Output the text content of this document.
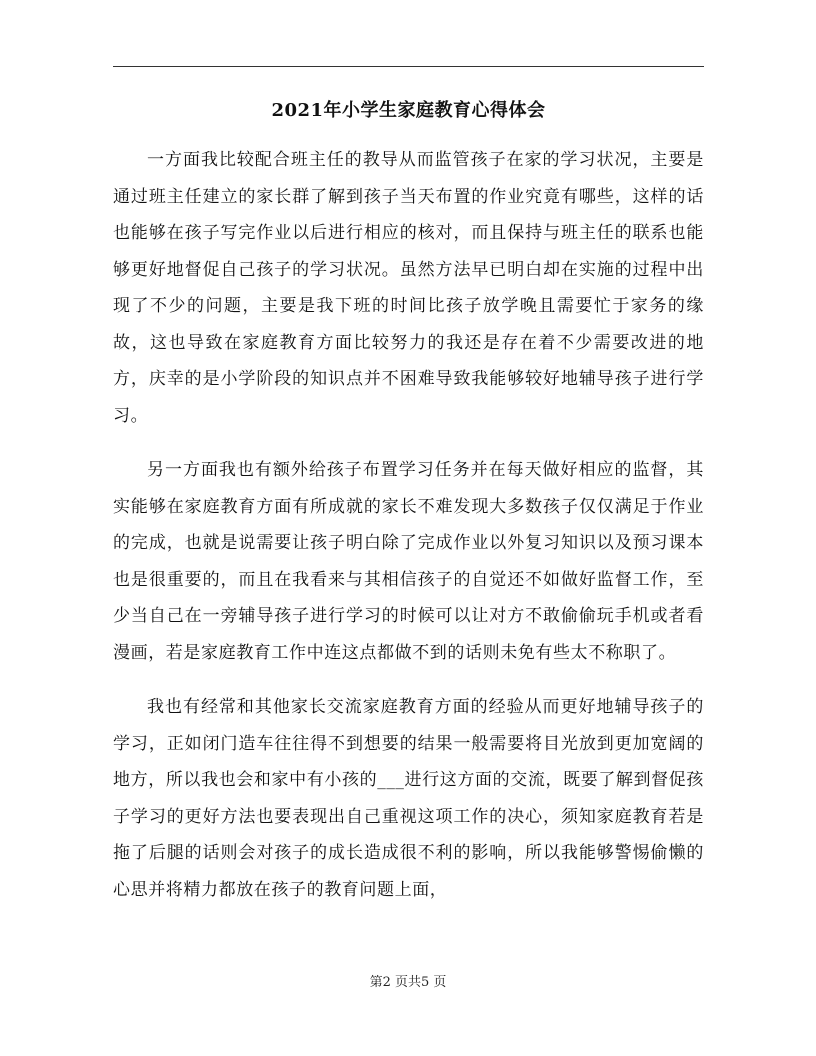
2021年小学生家庭教育心得体会

一方面我比较配合班主任的教导从而监管孩子在家的学习状况，主要是通过班主任建立的家长群了解到孩子当天布置的作业究竟有哪些，这样的话也能够在孩子写完作业以后进行相应的核对，而且保持与班主任的联系也能够更好地督促自己孩子的学习状况。虽然方法早已明白却在实施的过程中出现了不少的问题，主要是我下班的时间比孩子放学晚且需要忙于家务的缘故，这也导致在家庭教育方面比较努力的我还是存在着不少需要改进的地方，庆幸的是小学阶段的知识点并不困难导致我能够较好地辅导孩子进行学习。

另一方面我也有额外给孩子布置学习任务并在每天做好相应的监督，其实能够在家庭教育方面有所成就的家长不难发现大多数孩子仅仅满足于作业的完成，也就是说需要让孩子明白除了完成作业以外复习知识以及预习课本也是很重要的，而且在我看来与其相信孩子的自觉还不如做好监督工作，至少当自己在一旁辅导孩子进行学习的时候可以让对方不敢偷偷玩手机或者看漫画，若是家庭教育工作中连这点都做不到的话则未免有些太不称职了。

我也有经常和其他家长交流家庭教育方面的经验从而更好地辅导孩子的学习，正如闭门造车往往得不到想要的结果一般需要将目光放到更加宽阔的地方，所以我也会和家中有小孩的___进行这方面的交流，既要了解到督促孩子学习的更好方法也要表现出自己重视这项工作的决心，须知家庭教育若是拖了后腿的话则会对孩子的成长造成很不利的影响，所以我能够警惕偷懒的心思并将精力都放在孩子的教育问题上面，

第2 页共5 页
